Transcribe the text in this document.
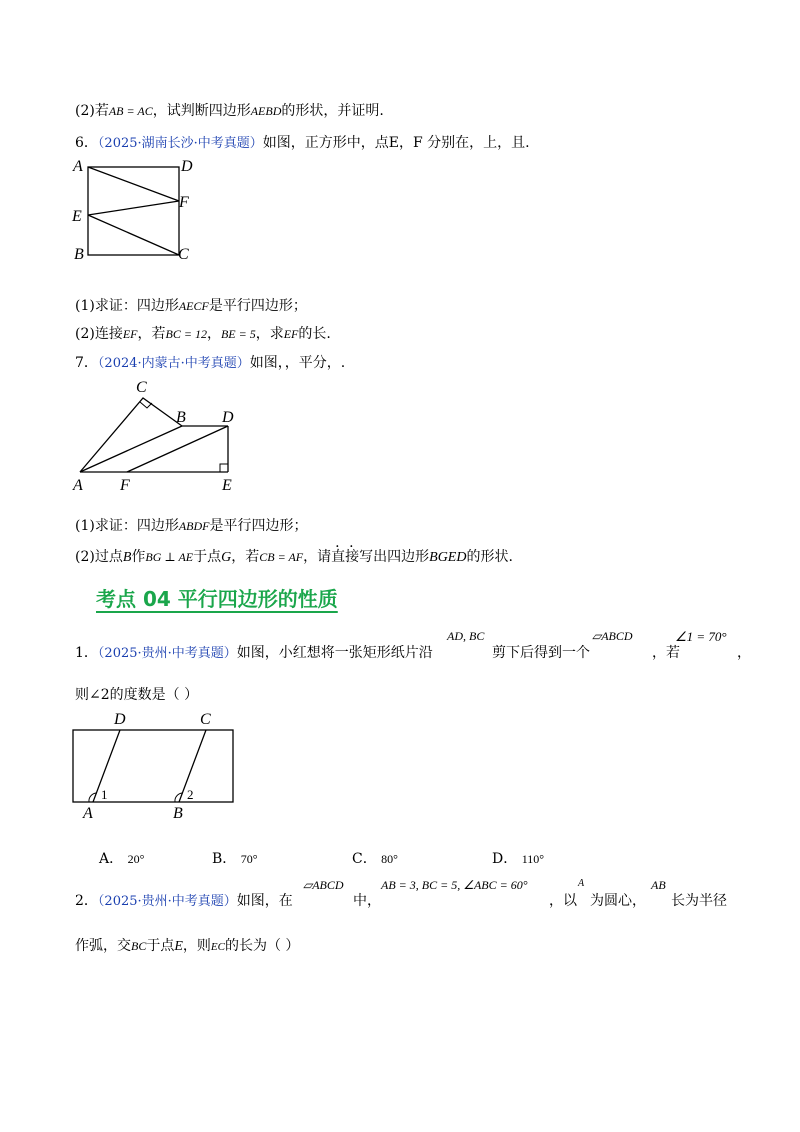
(2)若AB = AC，试判断四边形AEBD的形状，并证明.
6．（2025·湖南长沙·中考真题）如图，正方形中，点E，F 分别在，上，且.
A	D
F
E
B	C
(1)求证：四边形AECF是平行四边形；
(2)连接EF，若BC = 12，BE = 5，求EF的长.
7．（2024·内蒙古·中考真题）如图，，平分，.
C
B D
A F	E
(1)求证：四边形ABDF是平行四边形；
(2)过点B作BG ⊥ AE于点G，若CB = AF，请直接写出四边形BGED的形状.
考点 04 平行四边形的性质
1．（2025·贵州·中考真题）如图，小红想将一张矩形纸片沿
AD, BC
剪下后得到一个
▱ABCD
，若
∠1 = 70°
，
则∠2的度数是（ ）
D	C
1	2
A	B
A． 20°	B． 70°	C． 80°	D． 110°
2．（2025·贵州·中考真题）如图，在
▱ABCD
中，
AB = 3, BC = 5, ∠ABC = 60°
，以
A
为圆心，
AB
长为半径
作弧，交BC于点E，则EC的长为（ ）
